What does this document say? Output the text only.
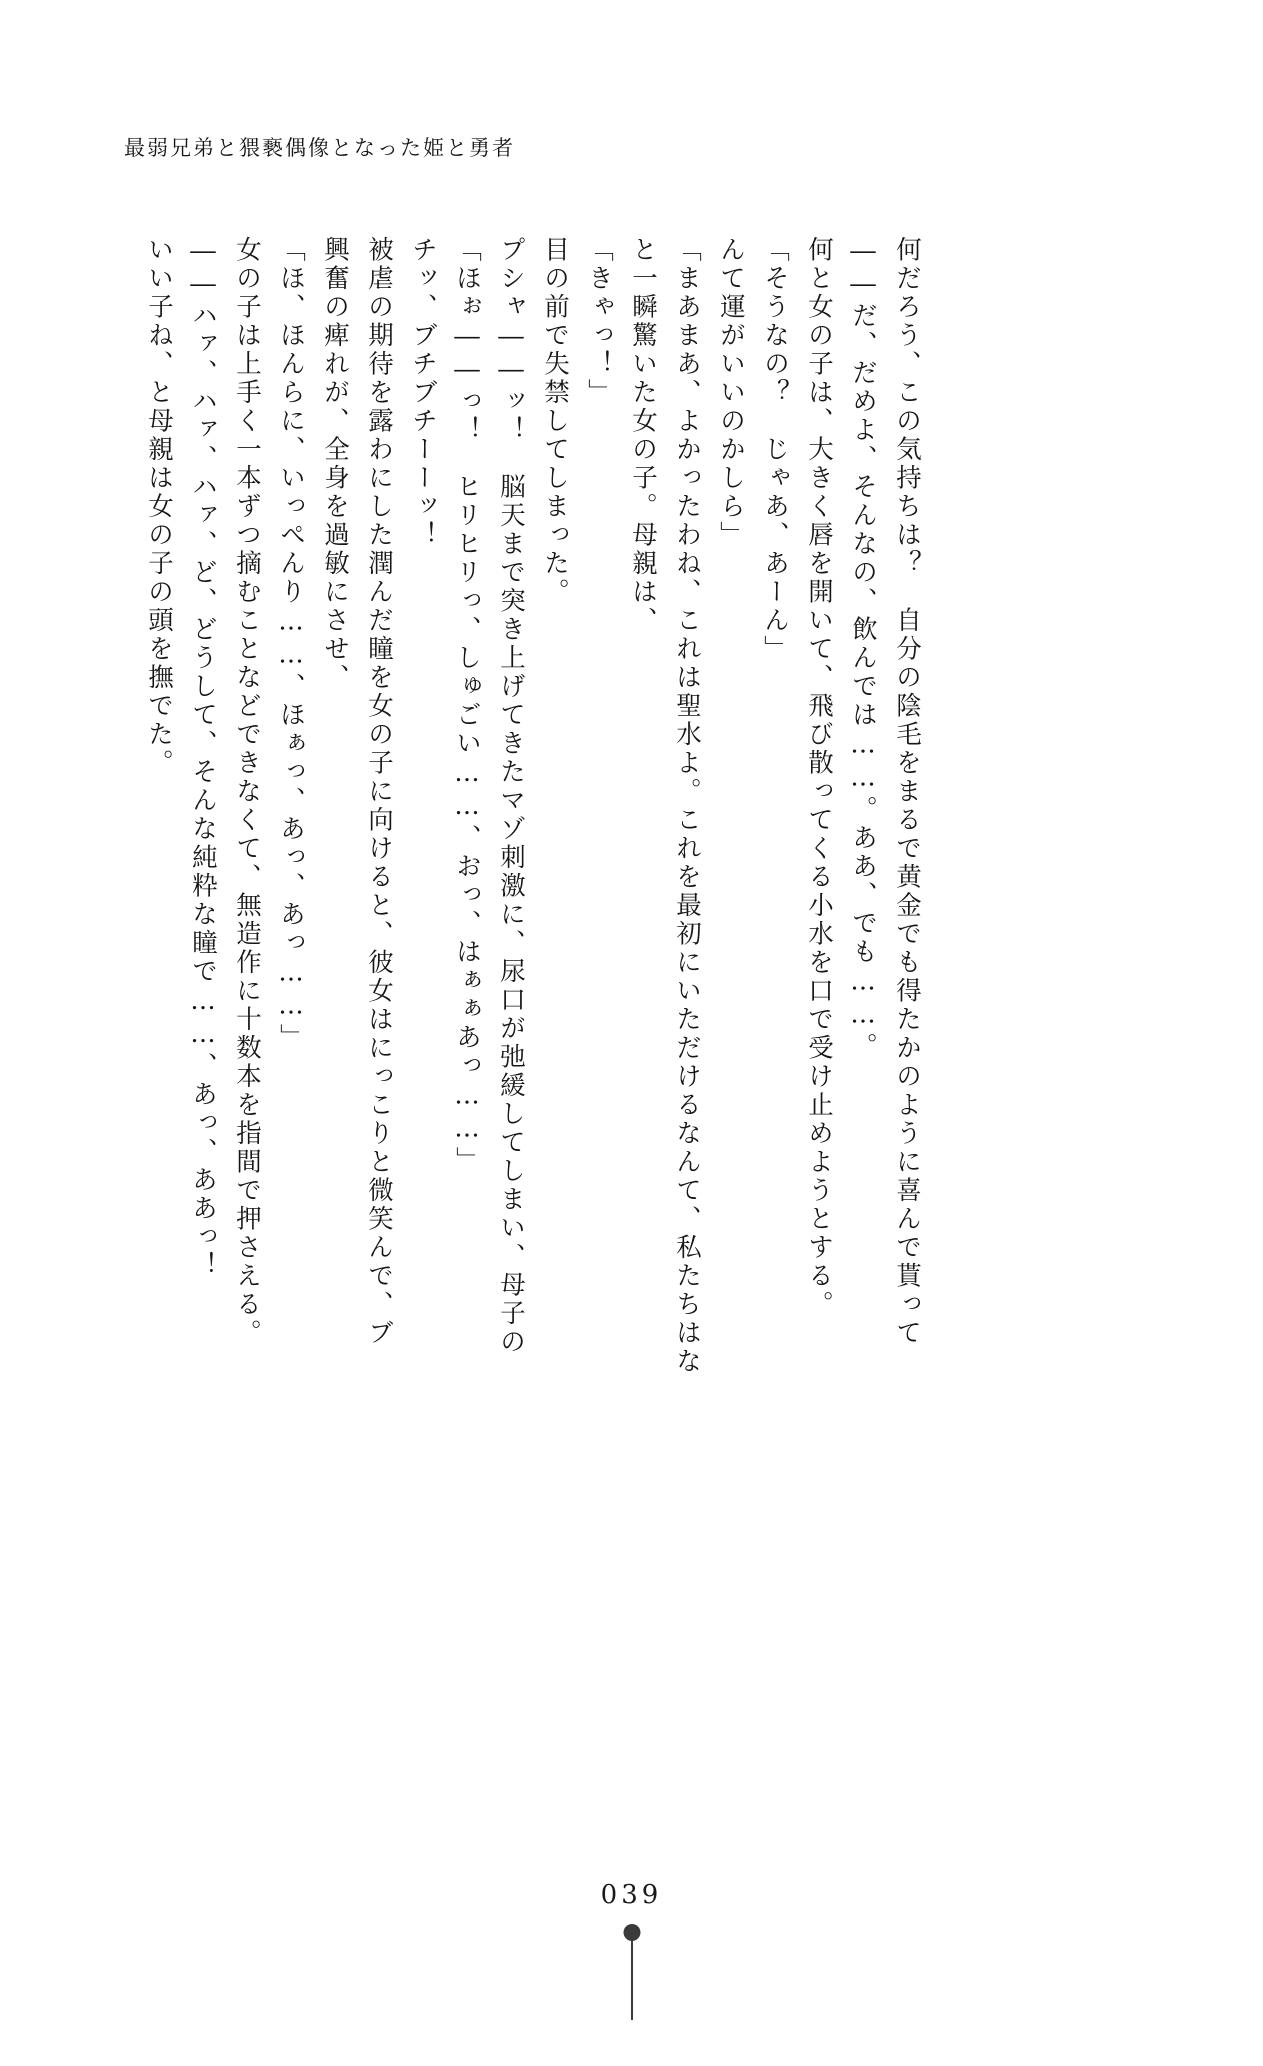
最弱兄弟と猥褻偶像となった姫と勇者
いい子ね、と母親は女の子の頭を撫でた。 ――ハァ、ハァ、ハァ、ど、どうして、そんな純粋な瞳で……、あっ、ああっ！ 女の子は上手く一本ずつ摘むことなどできなくて、無造作に十数本を指間で押さえる。 「ほ、ほんらに、いっぺんり……、ほぁっ、あっ、あっ……」 興奮の痺れが、全身を過敏にさせ、 被虐の期待を露わにした潤んだ瞳を女の子に向けると、彼女はにっこりと微笑んで、ブ チッ、ブチブチーーッ！ 「ほぉ――っ！　ヒリヒリっ、しゅごい……、おっ、はぁぁあっ……」 プシャ――ッ！　脳天まで突き上げてきたマゾ刺激に、尿口が弛緩してしまい、母子の 目の前で失禁してしまった。 「きゃっ！」 と一瞬驚いた女の子。母親は、 「まあまあ、よかったわね、これは聖水よ。これを最初にいただけるなんて、私たちはな んて運がいいのかしら」 「そうなの？　じゃあ、あーん」 何と女の子は、大きく唇を開いて、飛び散ってくる小水を口で受け止めようとする。 ――だ、だめよ、そんなの、飲んでは……。ああ、でも……。 何だろう、この気持ちは？　自分の陰毛をまるで黄金でも得たかのように喜んで貰って
039
